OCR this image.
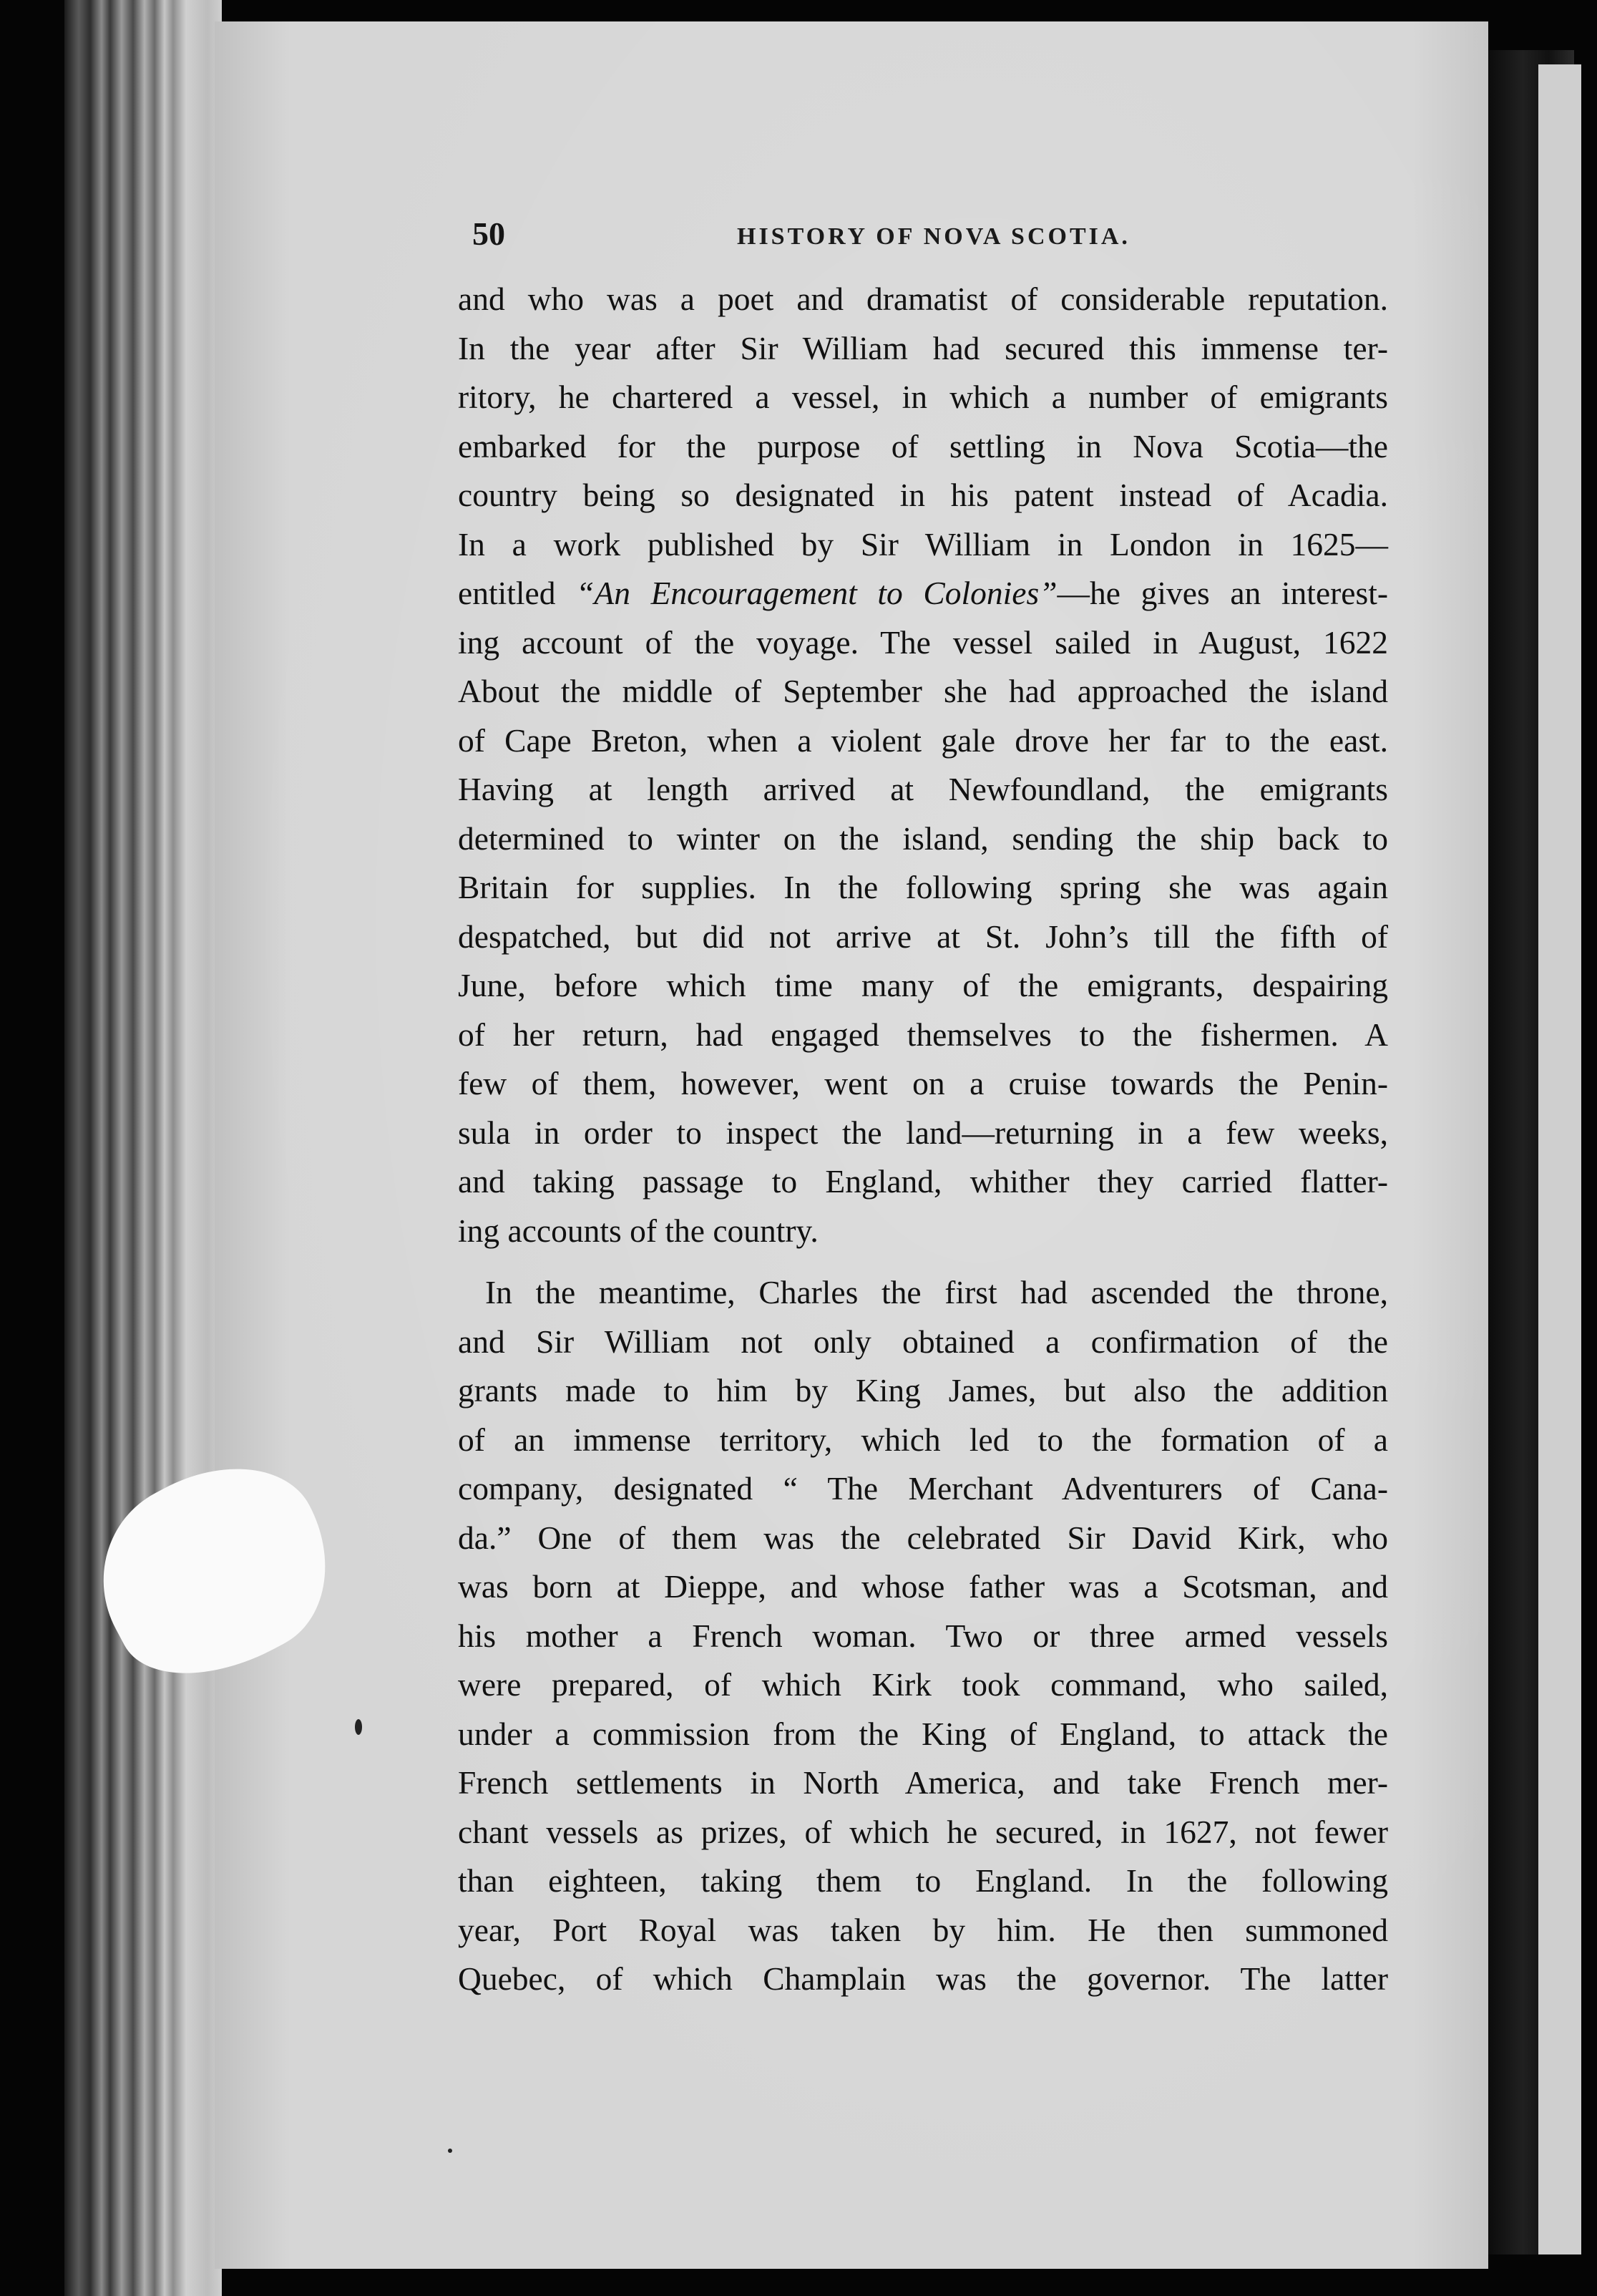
50	HISTORY OF NOVA SCOTIA.
and who was a poet and dramatist of considerable reputation.
In the year after Sir William had secured this immense ter-
ritory, he chartered a vessel, in which a number of emigrants
embarked for the purpose of settling in Nova Scotia—the
country being so designated in his patent instead of Acadia.
In a work published by Sir William in London in 1625—
entitled “An Encouragement to Colonies”—he gives an interest-
ing account of the voyage. The vessel sailed in August, 1622
About the middle of September she had approached the island
of Cape Breton, when a violent gale drove her far to the east.
Having at length arrived at Newfoundland, the emigrants
determined to winter on the island, sending the ship back to
Britain for supplies. In the following spring she was again
despatched, but did not arrive at St. John’s till the fifth of
June, before which time many of the emigrants, despairing
of her return, had engaged themselves to the fishermen. A
few of them, however, went on a cruise towards the Penin-
sula in order to inspect the land—returning in a few weeks,
and taking passage to England, whither they carried flatter-
ing accounts of the country.
In the meantime, Charles the first had ascended the throne,
and Sir William not only obtained a confirmation of the
grants made to him by King James, but also the addition
of an immense territory, which led to the formation of a
company, designated “ The Merchant Adventurers of Cana-
da.” One of them was the celebrated Sir David Kirk, who
was born at Dieppe, and whose father was a Scotsman, and
his mother a French woman. Two or three armed vessels
were prepared, of which Kirk took command, who sailed,
under a commission from the King of England, to attack the
French settlements in North America, and take French mer-
chant vessels as prizes, of which he secured, in 1627, not fewer
than eighteen, taking them to England. In the following
year, Port Royal was taken by him. He then summoned
Quebec, of which Champlain was the governor. The latter
